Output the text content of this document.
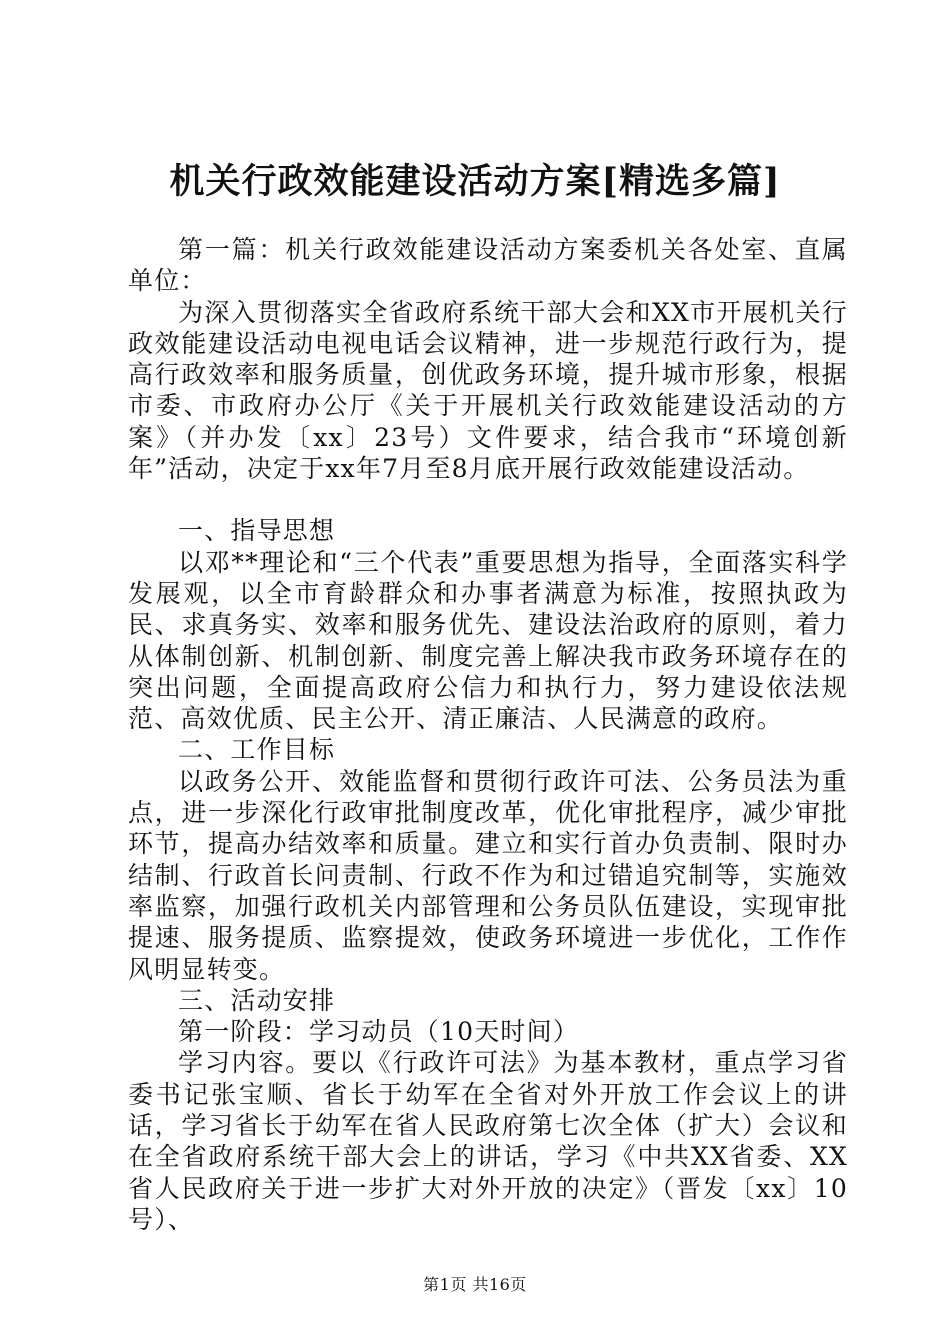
机关行政效能建设活动方案[精选多篇]

第一篇：机关行政效能建设活动方案委机关各处室、直属单位：

为深入贯彻落实全省政府系统干部大会和XX市开展机关行政效能建设活动电视电话会议精神，进一步规范行政行为，提高行政效率和服务质量，创优政务环境，提升城市形象，根据市委、市政府办公厅《关于开展机关行政效能建设活动的方案》（并办发〔xx〕23号）文件要求，结合我市“环境创新年”活动，决定于xx年7月至8月底开展行政效能建设活动。

一、指导思想

以邓**理论和“三个代表”重要思想为指导，全面落实科学发展观，以全市育龄群众和办事者满意为标准，按照执政为民、求真务实、效率和服务优先、建设法治政府的原则，着力从体制创新、机制创新、制度完善上解决我市政务环境存在的突出问题，全面提高政府公信力和执行力，努力建设依法规范、高效优质、民主公开、清正廉洁、人民满意的政府。

二、工作目标

以政务公开、效能监督和贯彻行政许可法、公务员法为重点，进一步深化行政审批制度改革，优化审批程序，减少审批环节，提高办结效率和质量。建立和实行首办负责制、限时办结制、行政首长问责制、行政不作为和过错追究制等，实施效率监察，加强行政机关内部管理和公务员队伍建设，实现审批提速、服务提质、监察提效，使政务环境进一步优化，工作作风明显转变。

三、活动安排

第一阶段：学习动员（10天时间）

学习内容。要以《行政许可法》为基本教材，重点学习省委书记张宝顺、省长于幼军在全省对外开放工作会议上的讲话，学习省长于幼军在省人民政府第七次全体（扩大）会议和在全省政府系统干部大会上的讲话，学习《中共XX省委、XX省人民政府关于进一步扩大对外开放的决定》（晋发〔xx〕10号）、

第1页 共16页
